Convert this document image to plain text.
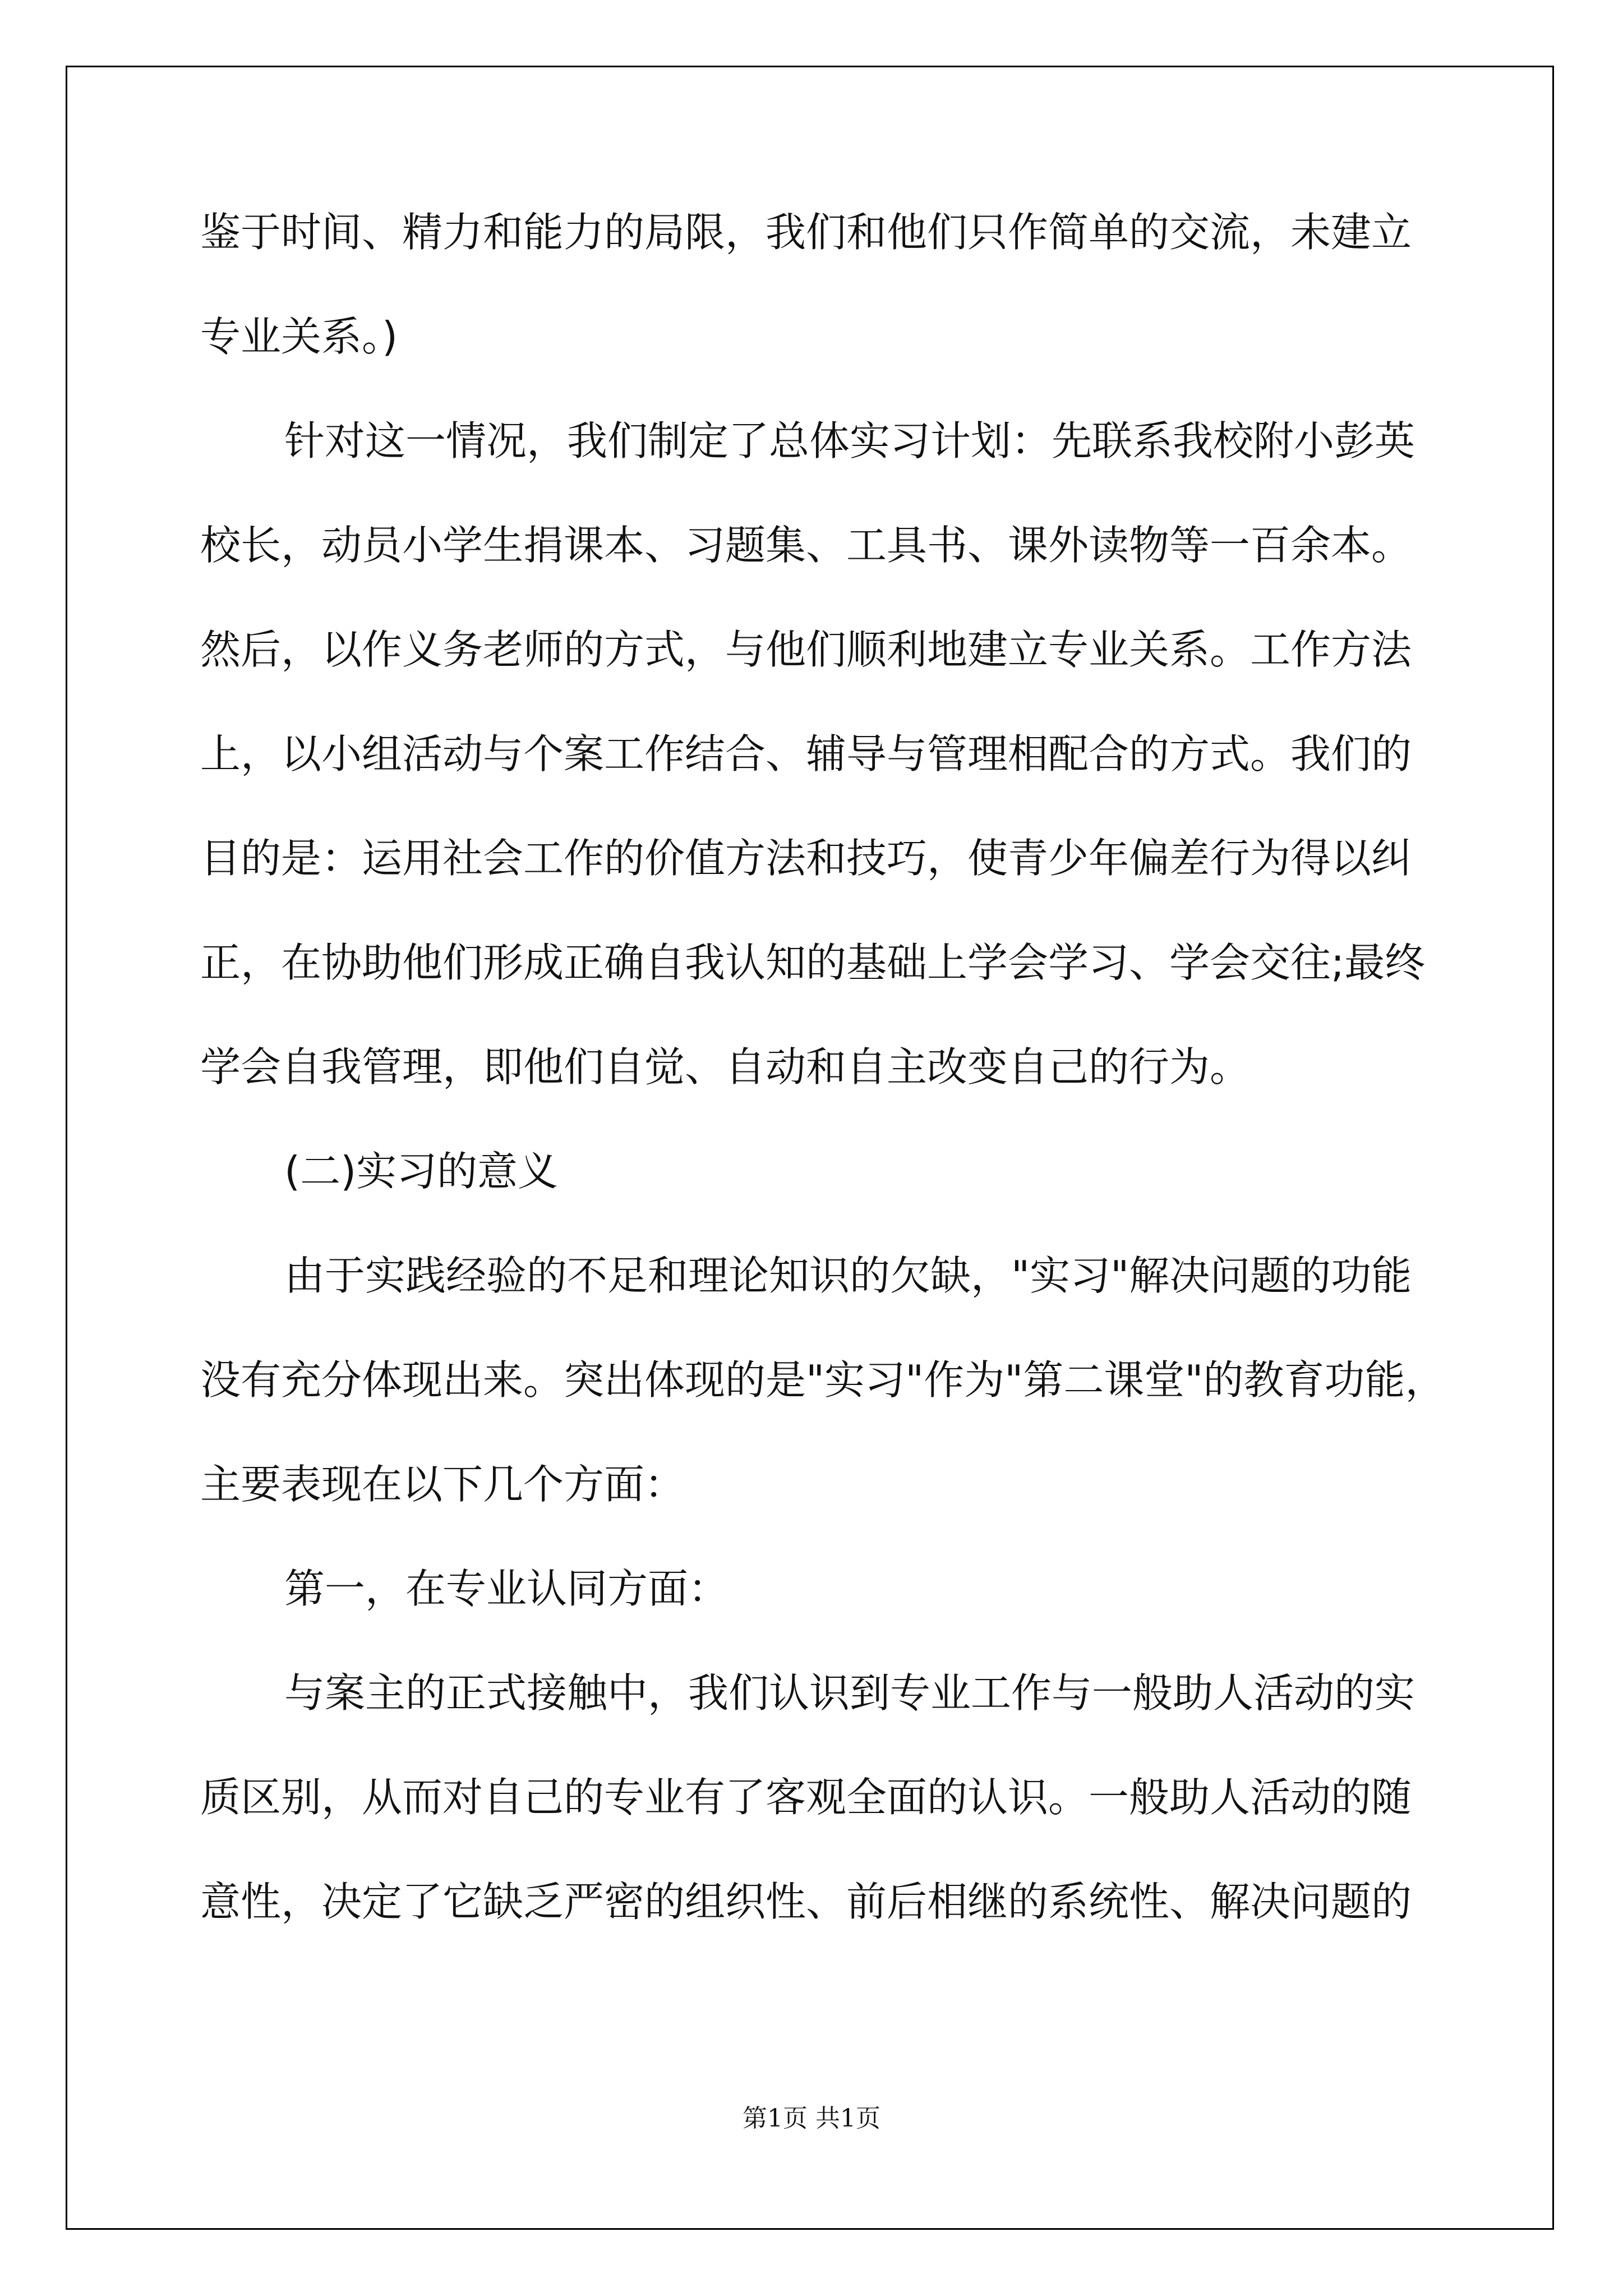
鉴于时间、精力和能力的局限，我们和他们只作简单的交流，未建立
专业关系。)
针对这一情况，我们制定了总体实习计划：先联系我校附小彭英
校长，动员小学生捐课本、习题集、工具书、课外读物等一百余本。
然后，以作义务老师的方式，与他们顺利地建立专业关系。工作方法
上，以小组活动与个案工作结合、辅导与管理相配合的方式。我们的
目的是：运用社会工作的价值方法和技巧，使青少年偏差行为得以纠
正，在协助他们形成正确自我认知的基础上学会学习、学会交往;最终
学会自我管理，即他们自觉、自动和自主改变自己的行为。
(二)实习的意义
由于实践经验的不足和理论知识的欠缺，"实习"解决问题的功能
没有充分体现出来。突出体现的是"实习"作为"第二课堂"的教育功能，
主要表现在以下几个方面：
第一，在专业认同方面：
与案主的正式接触中，我们认识到专业工作与一般助人活动的实
质区别，从而对自己的专业有了客观全面的认识。一般助人活动的随
意性，决定了它缺乏严密的组织性、前后相继的系统性、解决问题的
第1页 共1页
